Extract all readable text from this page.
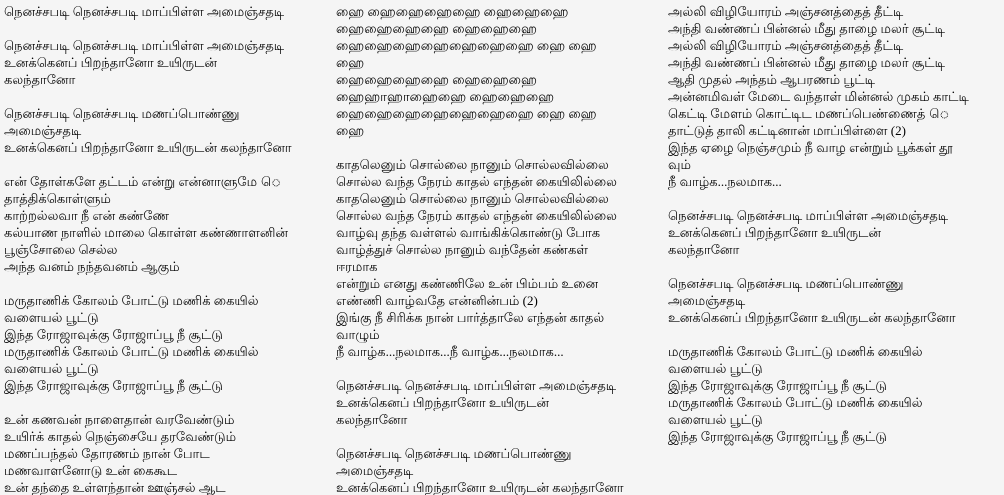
நெனச்சபடி நெனச்சபடி மாப்பிள்ள அமைஞ்சதடி
நெனச்சபடி நெனச்சபடி மாப்பிள்ள அமைஞ்சதடி
உனக்கெனப் பிறந்தானோ உயிருடன்
கலந்தானோ
நெனச்சபடி நெனச்சபடி மணப்பொண்ணு
அமைஞ்சதடி
உனக்கெனப் பிறந்தானோ உயிருடன் கலந்தானோ
என் தோள்களே தட்டம் என்று என்னாளுமே ெ
தாத்திக்கொள்ளும்
காற்றல்லவா நீ என் கண்ணே
கல்யாண நாளில் மாலை கொள்ள கண்ணாளனின்
பூஞ்சோலை செல்ல
அந்த வனம் நந்தவனம் ஆகும்
மருதாணிக் கோலம் போட்டு மணிக் கையில்
வளையல் பூட்டு
இந்த ரோஜாவுக்கு ரோஜாப்பூ நீ சூட்டு
மருதாணிக் கோலம் போட்டு மணிக் கையில்
வளையல் பூட்டு
இந்த ரோஜாவுக்கு ரோஜாப்பூ நீ சூட்டு
உன் கணவன் நாளைதான் வரவேண்டும்
உயிர்க் காதல் நெஞ்சையே தரவேண்டும்
மணப்பந்தல் தோரணம் நான் போட
மணவாளனோடு உன் கைகூட
உன் தந்தை உள்ளந்தான் ஊஞ்சல் ஆட
ஹை ஹைஹைஹைஹை ஹைஹைஹை
ஹைஹைஹைஹை ஹைஹைஹை
ஹைஹைஹைஹைஹைஹைஹை ஹை ஹை
ஹை
ஹைஹைஹைஹை ஹைஹைஹை
ஹைஹாஹாஹைஹை ஹைஹைஹை
ஹைஹைஹைஹைஹைஹைஹை ஹை ஹை
ஹை
காதலெனும் சொல்லை நானும் சொல்லவில்லை
சொல்ல வந்த நேரம் காதல் எந்தன் கையிலில்லை
காதலெனும் சொல்லை நானும் சொல்லவில்லை
சொல்ல வந்த நேரம் காதல் எந்தன் கையிலில்லை
வாழ்வு தந்த வள்ளல் வாங்கிக்கொண்டு போக
வாழ்த்துச் சொல்ல நானும் வந்தேன் கண்கள்
ஈரமாக
என்றும் எனது கண்ணிலே உன் பிம்பம் உனை
எண்ணி வாழ்வதே என்னின்பம் (2)
இங்கு நீ சிரிக்க நான் பார்த்தாலே எந்தன் காதல்
வாழும்
நீ வாழ்க...நலமாக...நீ வாழ்க...நலமாக...
நெனச்சபடி நெனச்சபடி மாப்பிள்ள அமைஞ்சதடி
உனக்கெனப் பிறந்தானோ உயிருடன்
கலந்தானோ
நெனச்சபடி நெனச்சபடி மணப்பொண்ணு
அமைஞ்சதடி
உனக்கெனப் பிறந்தானோ உயிருடன் கலந்தானோ
அல்லி விழியோரம் அஞ்சனத்தைத் தீட்டி
அந்தி வண்ணப் பின்னல் மீது தாழை மலர் சூட்டி
அல்லி விழியோரம் அஞ்சனத்தைத் தீட்டி
அந்தி வண்ணப் பின்னல் மீது தாழை மலர் சூட்டி
ஆதி முதல் அந்தம் ஆபரணம் பூட்டி
அன்னமிவள் மேடை வந்தாள் மின்னல் முகம் காட்டி
கெட்டி மேளம் கொட்டிட மணப்பெண்ணைத் ெ
தாட்டுத் தாலி கட்டினான் மாப்பிள்ளை (2)
இந்த ஏழை நெஞ்சமும் நீ வாழ என்றும் பூக்கள் தூ
வும்
நீ வாழ்க...நலமாக...
நெனச்சபடி நெனச்சபடி மாப்பிள்ள அமைஞ்சதடி
உனக்கெனப் பிறந்தானோ உயிருடன்
கலந்தானோ
நெனச்சபடி நெனச்சபடி மணப்பொண்ணு
அமைஞ்சதடி
உனக்கெனப் பிறந்தானோ உயிருடன் கலந்தானோ
மருதாணிக் கோலம் போட்டு மணிக் கையில்
வளையல் பூட்டு
இந்த ரோஜாவுக்கு ரோஜாப்பூ நீ சூட்டு
மருதாணிக் கோலம் போட்டு மணிக் கையில்
வளையல் பூட்டு
இந்த ரோஜாவுக்கு ரோஜாப்பூ நீ சூட்டு
